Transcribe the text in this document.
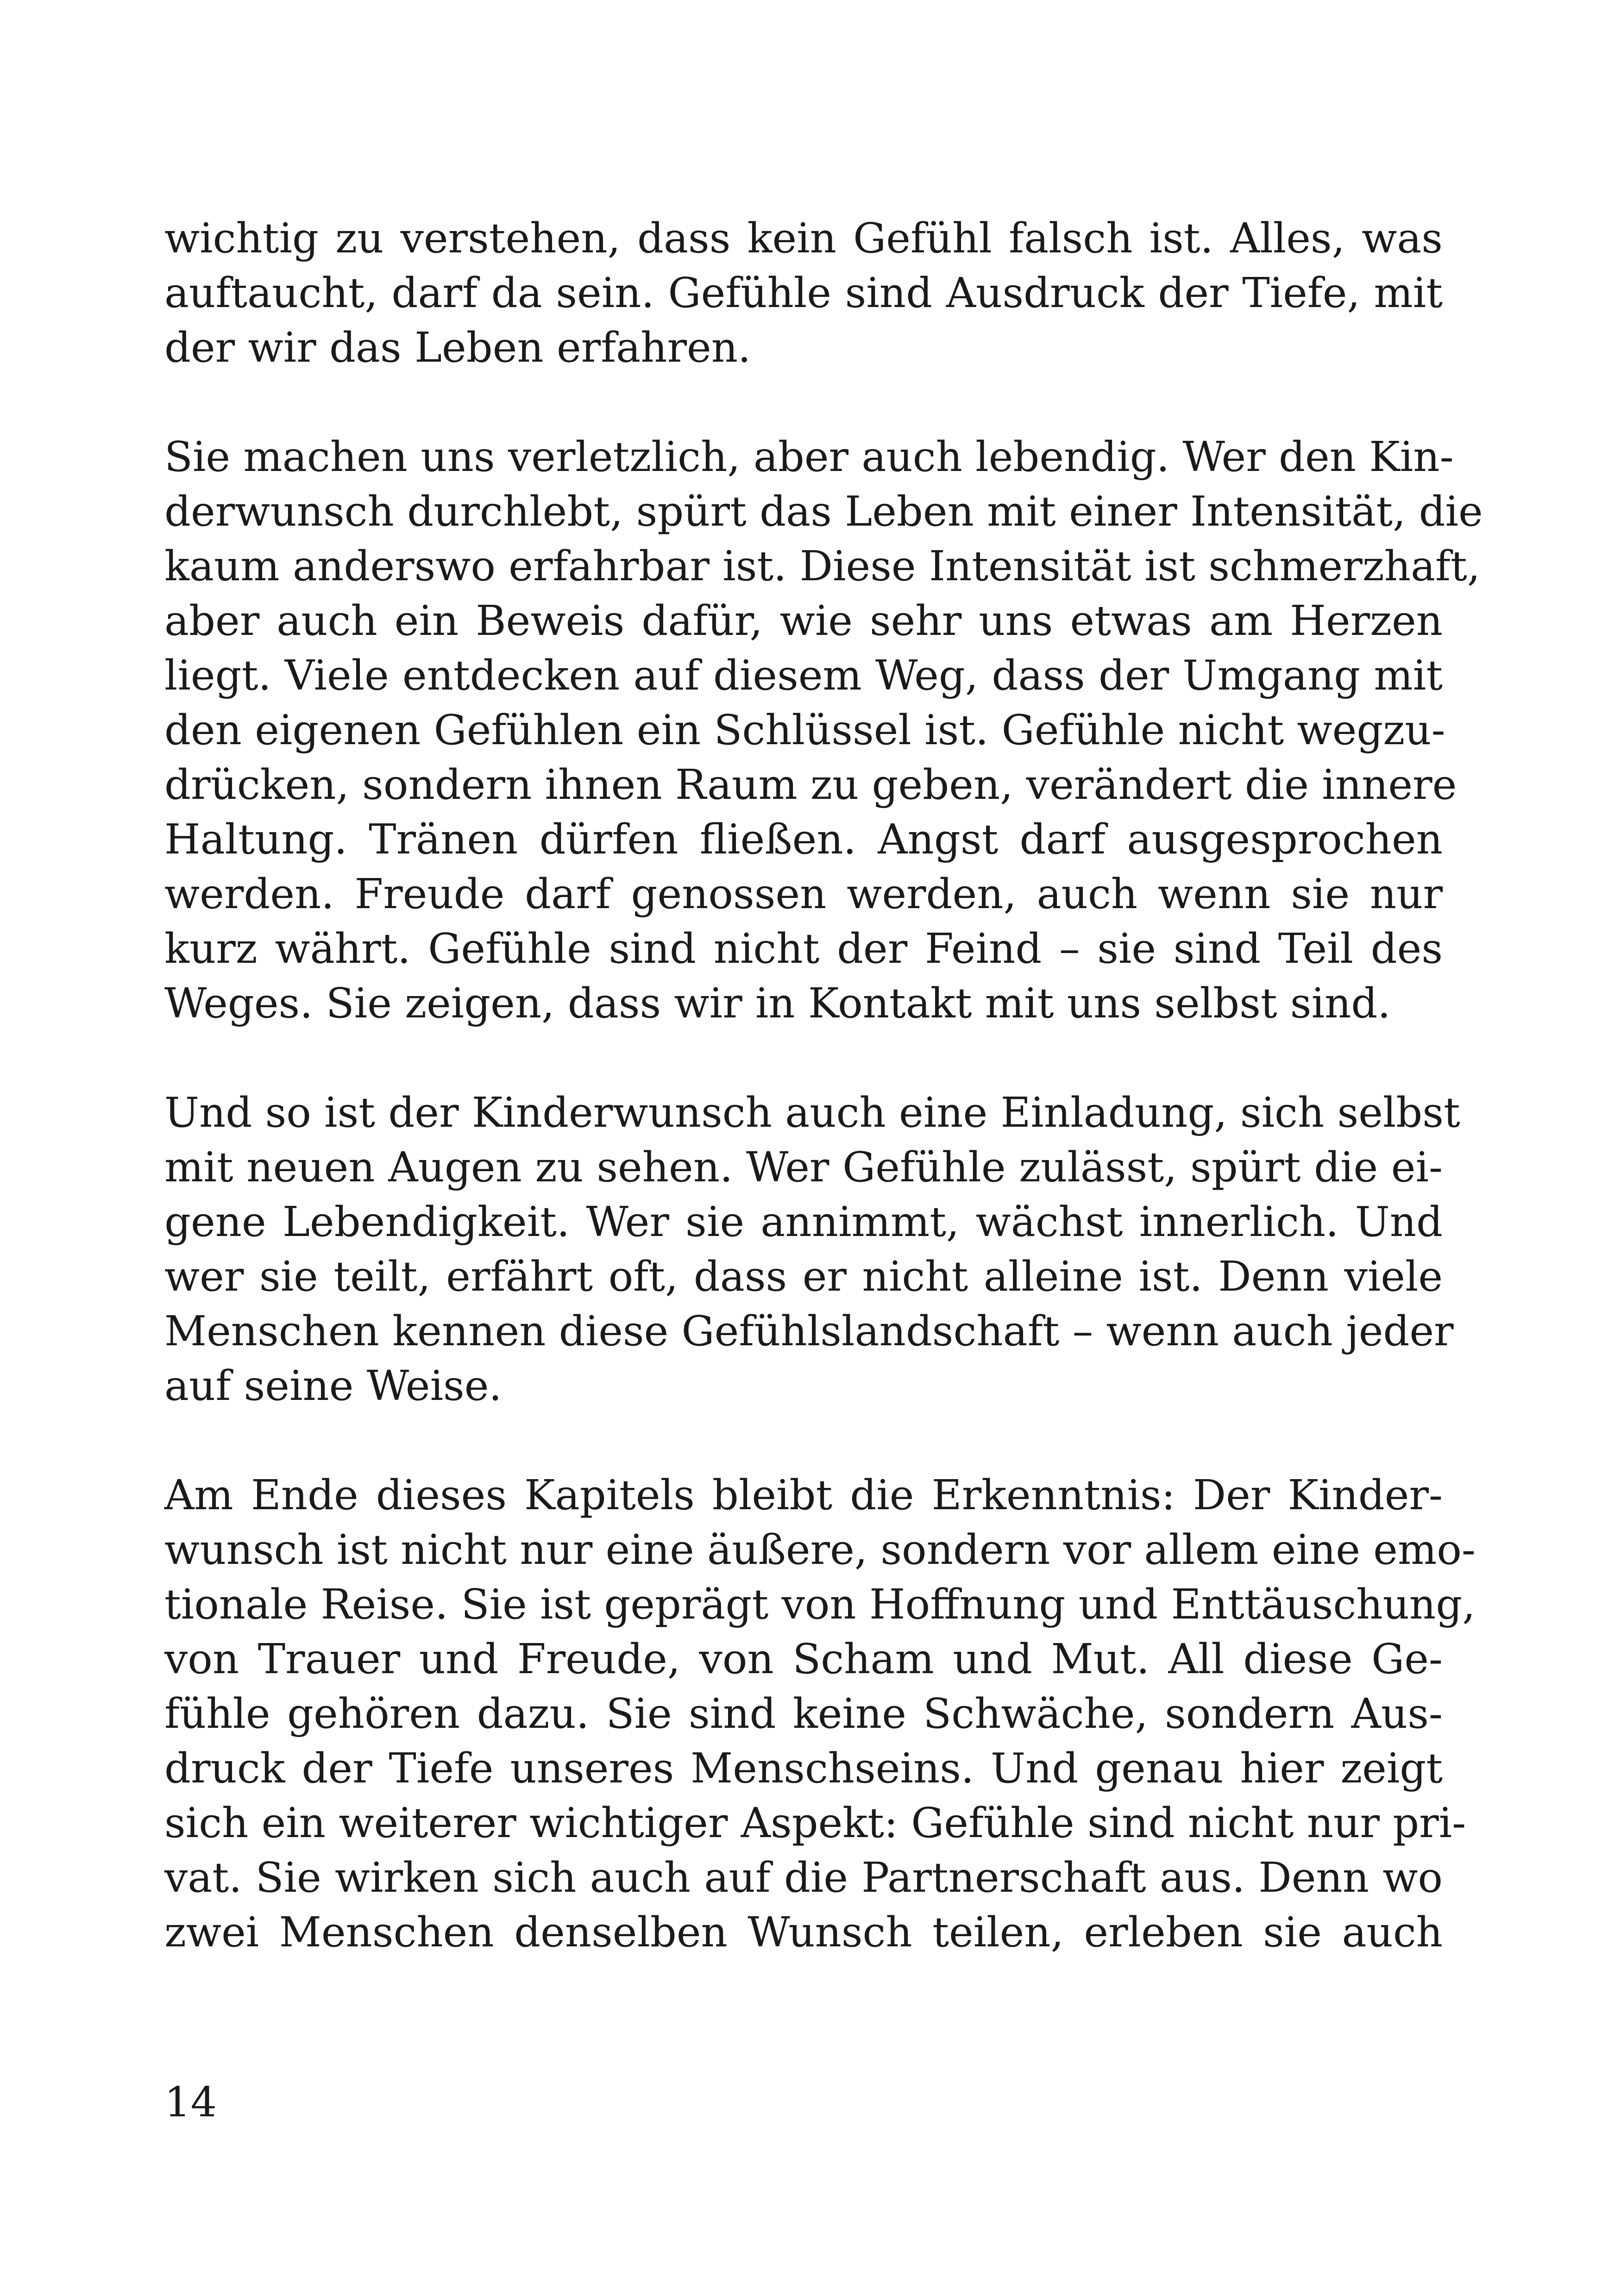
wichtig zu verstehen, dass kein Gefühl falsch ist. Alles, was
auftaucht, darf da sein. Gefühle sind Ausdruck der Tiefe, mit
der wir das Leben erfahren.
Sie machen uns verletzlich, aber auch lebendig. Wer den Kin-
derwunsch durchlebt, spürt das Leben mit einer Intensität, die
kaum anderswo erfahrbar ist. Diese Intensität ist schmerzhaft,
aber auch ein Beweis dafür, wie sehr uns etwas am Herzen
liegt. Viele entdecken auf diesem Weg, dass der Umgang mit
den eigenen Gefühlen ein Schlüssel ist. Gefühle nicht wegzu-
drücken, sondern ihnen Raum zu geben, verändert die innere
Haltung. Tränen dürfen fließen. Angst darf ausgesprochen
werden. Freude darf genossen werden, auch wenn sie nur
kurz währt. Gefühle sind nicht der Feind – sie sind Teil des
Weges. Sie zeigen, dass wir in Kontakt mit uns selbst sind.
Und so ist der Kinderwunsch auch eine Einladung, sich selbst
mit neuen Augen zu sehen. Wer Gefühle zulässt, spürt die ei-
gene Lebendigkeit. Wer sie annimmt, wächst innerlich. Und
wer sie teilt, erfährt oft, dass er nicht alleine ist. Denn viele
Menschen kennen diese Gefühlslandschaft – wenn auch jeder
auf seine Weise.
Am Ende dieses Kapitels bleibt die Erkenntnis: Der Kinder-
wunsch ist nicht nur eine äußere, sondern vor allem eine emo-
tionale Reise. Sie ist geprägt von Hoffnung und Enttäuschung,
von Trauer und Freude, von Scham und Mut. All diese Ge-
fühle gehören dazu. Sie sind keine Schwäche, sondern Aus-
druck der Tiefe unseres Menschseins. Und genau hier zeigt
sich ein weiterer wichtiger Aspekt: Gefühle sind nicht nur pri-
vat. Sie wirken sich auch auf die Partnerschaft aus. Denn wo
zwei Menschen denselben Wunsch teilen, erleben sie auch
14
